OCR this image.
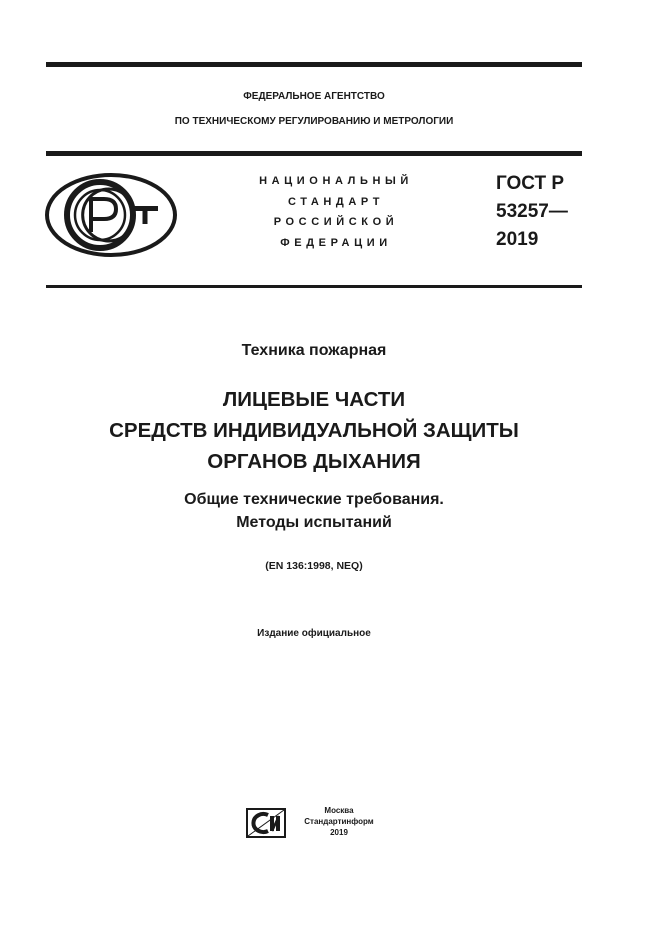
ФЕДЕРАЛЬНОЕ АГЕНТСТВО
ПО ТЕХНИЧЕСКОМУ РЕГУЛИРОВАНИЮ И МЕТРОЛОГИИ
НАЦИОНАЛЬНЫЙ
СТАНДАРТ
РОССИЙСКОЙ
ФЕДЕРАЦИИ
ГОСТ Р
53257—
2019
Техника пожарная
ЛИЦЕВЫЕ ЧАСТИ
СРЕДСТВ ИНДИВИДУАЛЬНОЙ ЗАЩИТЫ
ОРГАНОВ ДЫХАНИЯ
Общие технические требования.
Методы испытаний
(EN 136:1998, NEQ)
Издание официальное
Москва
Стандартинформ
2019
